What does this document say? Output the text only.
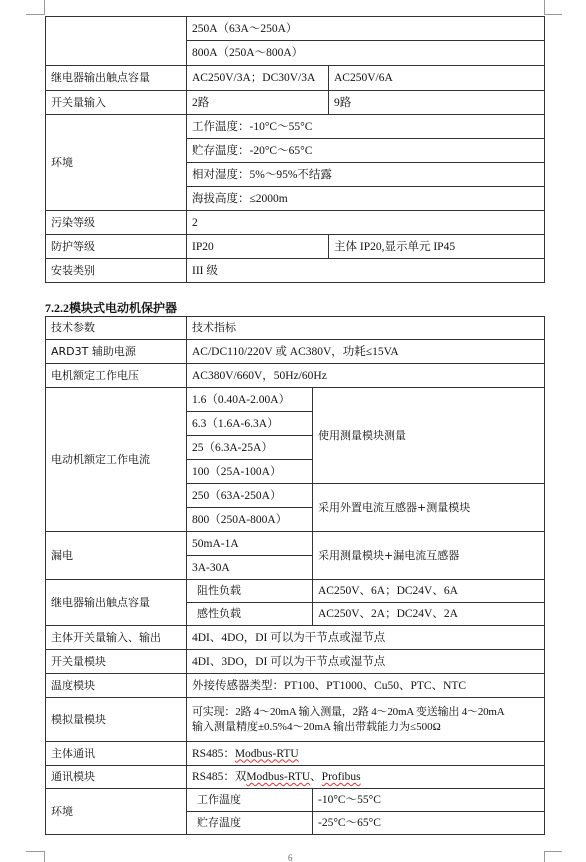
	250A（63A～250A）	
	800A（250A～800A）	
继电器输出触点容量	AC250V/3A；DC30V/3A	AC250V/6A
开关量输入	2路	9路
环境	工作温度：-10°C～55°C	
	贮存温度：-20°C～65°C	
	相对湿度：5%～95%不结露	
	海拔高度：≤2000m	
污染等级	2	
防护等级	IP20	主体 IP20,显示单元 IP45
安装类别	III 级	
7.2.2模块式电动机保护器
技术参数	技术指标	
ARD3T 辅助电源	AC/DC110/220V 或 AC380V，功耗≤15VA	
电机额定工作电压	AC380V/660V，50Hz/60Hz	
电动机额定工作电流	1.6（0.40A-2.00A）	使用测量模块测量
	6.3（1.6A-6.3A）	
	25（6.3A-25A）	
	100（25A-100A）	
	250（63A-250A）	采用外置电流互感器+测量模块
	800（250A-800A）	
漏电	50mA-1A	采用测量模块+漏电流互感器
	3A-30A	
继电器输出触点容量	阻性负载	AC250V、6A；DC24V、6A
	感性负载	AC250V、2A；DC24V、2A
主体开关量输入、输出	4DI、4DO，DI 可以为干节点或湿节点	
开关量模块	4DI、3DO，DI 可以为干节点或湿节点	
温度模块	外接传感器类型：PT100、PT1000、Cu50、PTC、NTC	
模拟量模块	可实现：2路 4～20mA 输入测量，2路 4～20mA 变送输出 4～20mA
输入测量精度±0.5%4～20mA 输出带载能力为≤500Ω	

主体通讯	RS485：Modbus-RTU	
通讯模块	RS485：双Modbus-RTU、Profibus	
环境	工作温度	-10°C～55°C
	贮存温度	-25°C～65°C
6
